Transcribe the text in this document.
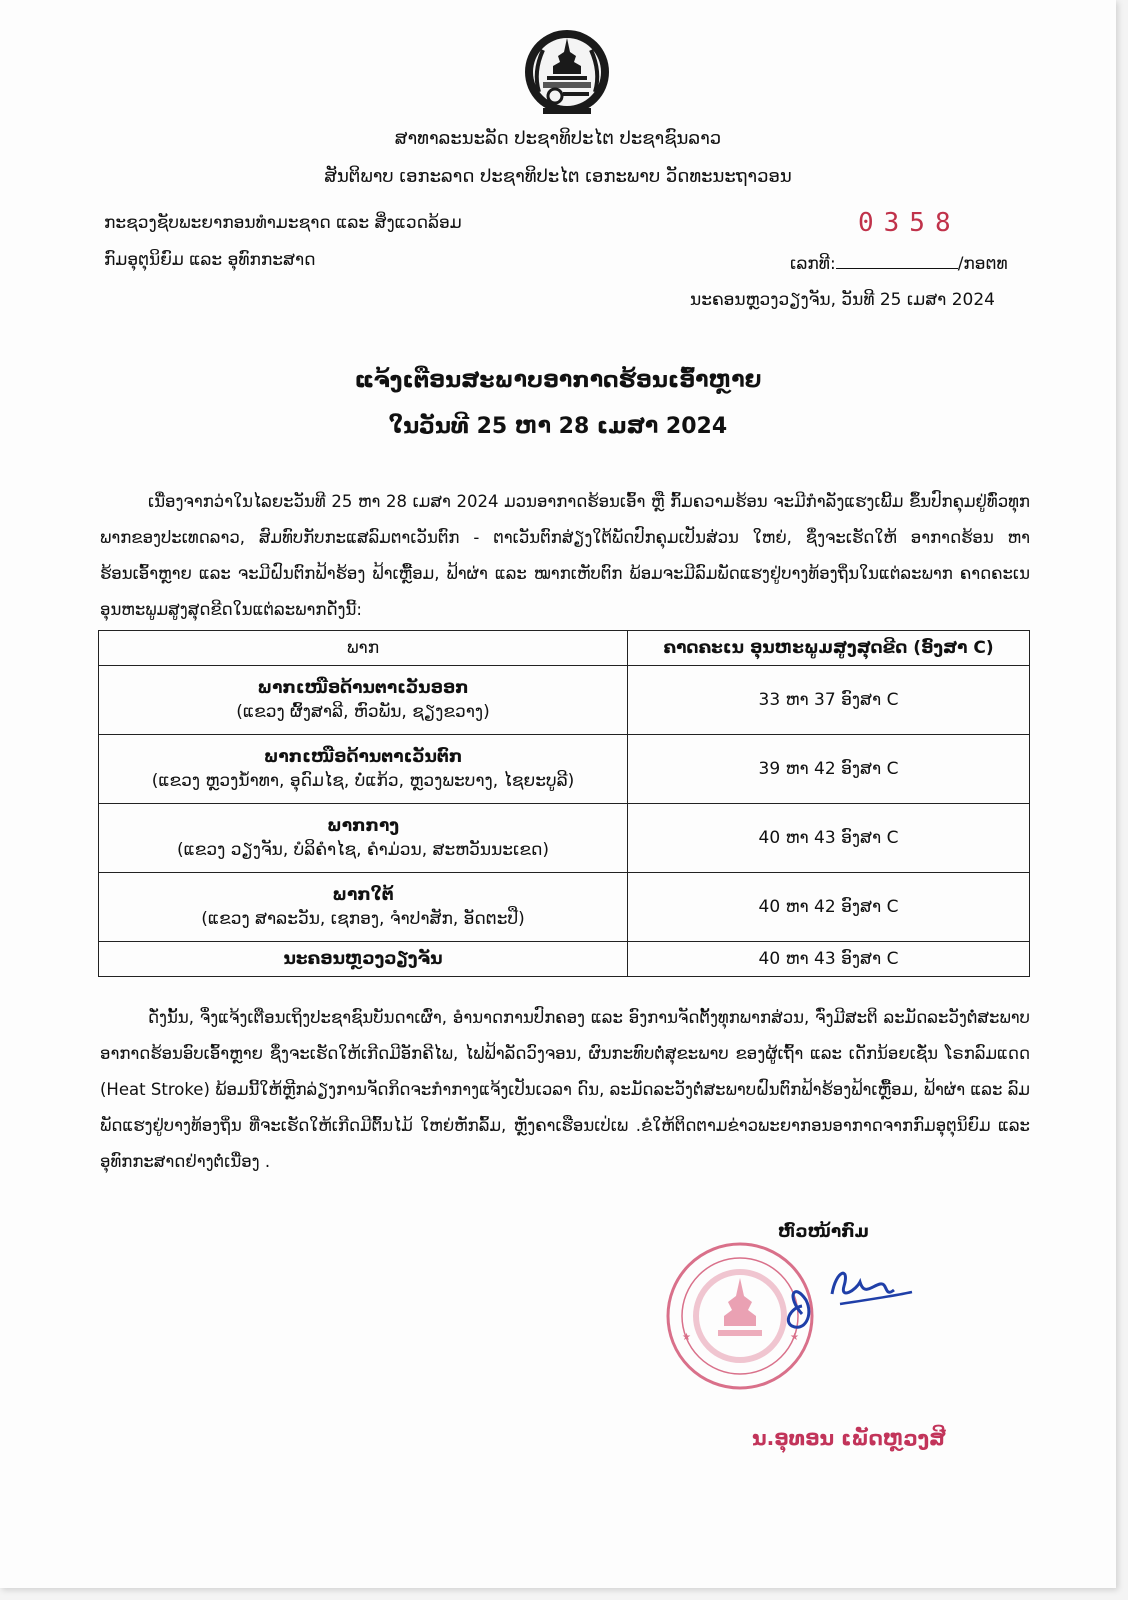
ສາທາລະນະລັດ ປະຊາທິປະໄຕ ປະຊາຊົນລາວ
ສັນຕິພາບ ເອກະລາດ ປະຊາທິປະໄຕ ເອກະພາບ ວັດທະນະຖາວອນ
ກະຊວງຊັບພະຍາກອນທຳມະຊາດ ແລະ ສິ່ງແວດລ້ອມ
ກົມອຸຕຸນິຍົມ ແລະ ອຸທົກກະສາດ
0358
ເລກທີ:	/ກອຕທ
ນະຄອນຫຼວງວຽງຈັນ, ວັນທີ 25 ເມສາ 2024
ແຈ້ງເຕືອນສະພາບອາກາດຮ້ອນເອົ້າຫຼາຍ
ໃນວັນທີ 25 ຫາ 28 ເມສາ 2024
ເນື່ອງຈາກວ່າໃນໄລຍະວັນທີ 25 ຫາ 28 ເມສາ 2024 ມວນອາກາດຮ້ອນເອົ້າ ຫຼື ກົ້ມຄວາມຮ້ອນ ຈະມີກຳລັງແຮງເພີ້ມ ຂຶ້ນປົກຄຸມຢູ່ທົ່ວທຸກພາກຂອງປະເທດລາວ, ສົມທົບກັບກະແສລົມຕາເວັນຕົກ - ຕາເວັນຕົກສ່ຽງໃຕ້ພັດປົກຄຸມເປັນສ່ວນ ໃຫຍ່, ຊຶ່ງຈະເຮັດໃຫ້ ອາກາດຮ້ອນ ຫາ ຮ້ອນເອົ້າຫຼາຍ ແລະ ຈະມີຝົນຕົກຟ້າຮ້ອງ ຟ້າເຫຼື້ອມ, ຟ້າຜ່າ ແລະ ໝາກເຫັບຕົກ ພ້ອມຈະມີລົມພັດແຮງຢູ່ບາງທ້ອງຖິ່ນໃນແຕ່ລະພາກ ຄາດຄະເນອຸນຫະພູມສູງສຸດຂີດໃນແຕ່ລະພາກດັ່ງນີ້:
ພາກ	ຄາດຄະເນ ອຸນຫະພູມສູງສຸດຂີດ (ອົງສາ C)

ພາກເໜືອດ້ານຕາເວັນອອກ
(ແຂວງ ຜົ້ງສາລີ, ຫົວພັນ, ຊຽງຂວາງ)	33 ຫາ 37 ອົງສາ C

ພາກເໜືອດ້ານຕາເວັນຕົກ
(ແຂວງ ຫຼວງນ້ຳທາ, ອຸດົມໄຊ, ບໍ່ແກ້ວ, ຫຼວງພະບາງ, ໄຊຍະບູລີ)	39 ຫາ 42 ອົງສາ C

ພາກກາງ
(ແຂວງ ວຽງຈັນ, ບໍລິຄຳໄຊ, ຄຳມ່ວນ, ສະຫວັນນະເຂດ)	40 ຫາ 43 ອົງສາ C

ພາກໃຕ້
(ແຂວງ ສາລະວັນ, ເຊກອງ, ຈຳປາສັກ, ອັດຕະປື)	40 ຫາ 42 ອົງສາ C

ນະຄອນຫຼວງວຽງຈັນ	40 ຫາ 43 ອົງສາ C
ດັ່ງນັ້ນ, ຈຶ່ງແຈ້ງເຕືອນເຖິງປະຊາຊົນບັນດາເຜົ່າ, ອຳນາດການປົກຄອງ ແລະ ອົງການຈັດຕັ້ງທຸກພາກສ່ວນ, ຈົ່ງມີສະຕິ ລະມັດລະວັງຕໍ່ສະພາບອາກາດຮ້ອນອົບເອົ້າຫຼາຍ ຊຶ່ງຈະເຮັດໃຫ້ເກີດມີອັກຄີໄພ, ໄຟຟ້າລັດວົງຈອນ, ຜົນກະທົບຕໍ່ສຸຂະພາບ ຂອງຜູ້ເຖົ້າ ແລະ ເດັກນ້ອຍເຊັ່ນ ໂຣກລົມແດດ (Heat Stroke) ພ້ອມນີ້ໃຫ້ຫຼີກລ່ຽງການຈັດກິດຈະກຳກາງແຈ້ງເປັນເວລາ ດົນ, ລະມັດລະວັງຕໍ່ສະພາບຝົນຕົກຟ້າຮ້ອງຟ້າເຫຼື້ອມ, ຟ້າຜ່າ ແລະ ລົມພັດແຮງຢູ່ບາງທ້ອງຖິ່ນ ທີ່ຈະເຮັດໃຫ້ເກີດມີຕົ້ນໄມ້ ໃຫຍ່ຫັກລົ້ມ, ຫຼັງຄາເຮືອນເປ່ເພ .ຂໍໃຫ້ຕິດຕາມຂ່າວພະຍາກອນອາກາດຈາກກົມອຸຕຸນິຍົມ ແລະ ອຸທົກກະສາດຢ່າງຕໍ່ເນື່ອງ .
ຫົວໜ້າກົມ
★	★
ນ.ອຸທອນ ເພັດຫຼວງສີ
